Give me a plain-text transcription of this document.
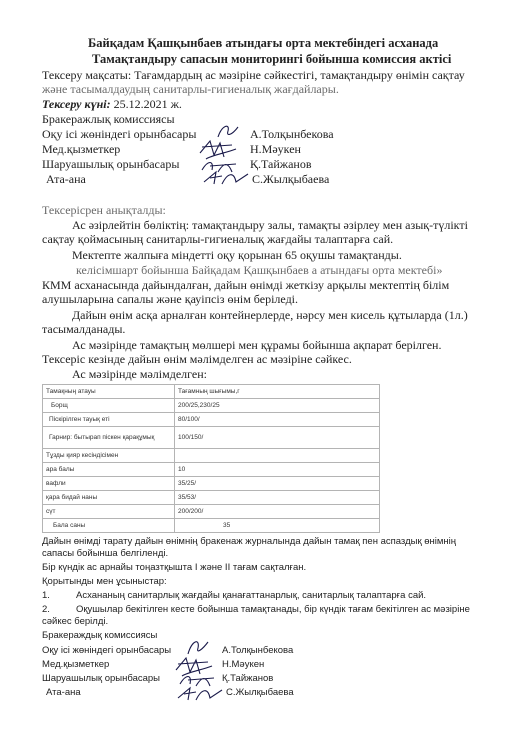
Байқадам Қашқынбаев атындағы орта мектебіндегі асханада
Тамақтандыру сапасын мониторингі бойынша комиссия актісі
Тексеру мақсаты: Тағамдардың ас мәзіріне сәйкестігі, тамақтандыру өнімін сақтау
және тасымалдаудың санитарлы-гигиеналық жағдайлары.
Тексеру күні: 25.12.2021 ж.
Бракеражлық комиссиясы
Оқу ісі жөніндегі орынбасары	А.Толқынбекова
Мед.қызметкер	Н.Мәукен
Шаруашылық орынбасары	Қ.Тайжанов
Ата-ана	С.Жылқыбаева
Тексерісрен анықталды:
Ас әзірлейтін бөліктің: тамақтандыру залы, тамақты әзірлеу мен азық-түлікті
сақтау қоймасының санитарлы-гигиеналық жағдайы талаптарға сай.
Мектепте жалпыға міндетті оқу қорынан 65 оқушы тамақтанды.
келісімшарт бойынша Байқадам Қашқынбаев а атындағы орта мектебі»
КММ асханасында дайындалған, дайын өнімді жеткізу арқылы мектептің білім
алушыларына сапалы және қауіпсіз өнім беріледі.
Дайын өнім асқа арналған контейнерлерде, нәрсу мен кисель құтыларда (1л.)
тасымалданады.
Ас мәзірінде тамақтың мөлшері мен құрамы бойынша ақпарат берілген.
Тексеріс кезінде дайын өнім мәлімделген ас мәзіріне сәйкес.
Ас мәзірінде мәлімделген:
Тамақның атауы	Тағамның шығымы,г
Борщ	200/25,230/25
Піскірілген тауық еті	80/100/
Гарнир: бытырап піскен қарақұмық	100/150/
Тұзды қияр кесіндісімен	
ара балы	10
вафли	35/25/
қара бидай наны	35/53/
сүт	200/200/
Бала саны	35
Дайын өнімді тарату дайын өнімнің бракенаж журналында дайын тамақ пен аспаздық өнімнің
сапасы бойынша белгіленді.
Бір күндік ас арнайы тоңазтқышта І және ІІ тағам сақталған.
Қорытынды мен ұсыныстар:
1.	Асхананың санитарлық жағдайы қанағаттанарлық, санитарлық талаптарға сай.
2.	Оқушылар бекітілген кесте бойынша тамақтанады, бір күндік тағам бекітілген ас мәзіріне
сәйкес берілді.
Бракераждық комиссиясы
Оқу ісі жөніндегі орынбасары	А.Толқынбекова
Мед.қызметкер	Н.Мәукен
Шаруашылық орынбасары	Қ.Тайжанов
Ата-ана	С.Жылқыбаева
